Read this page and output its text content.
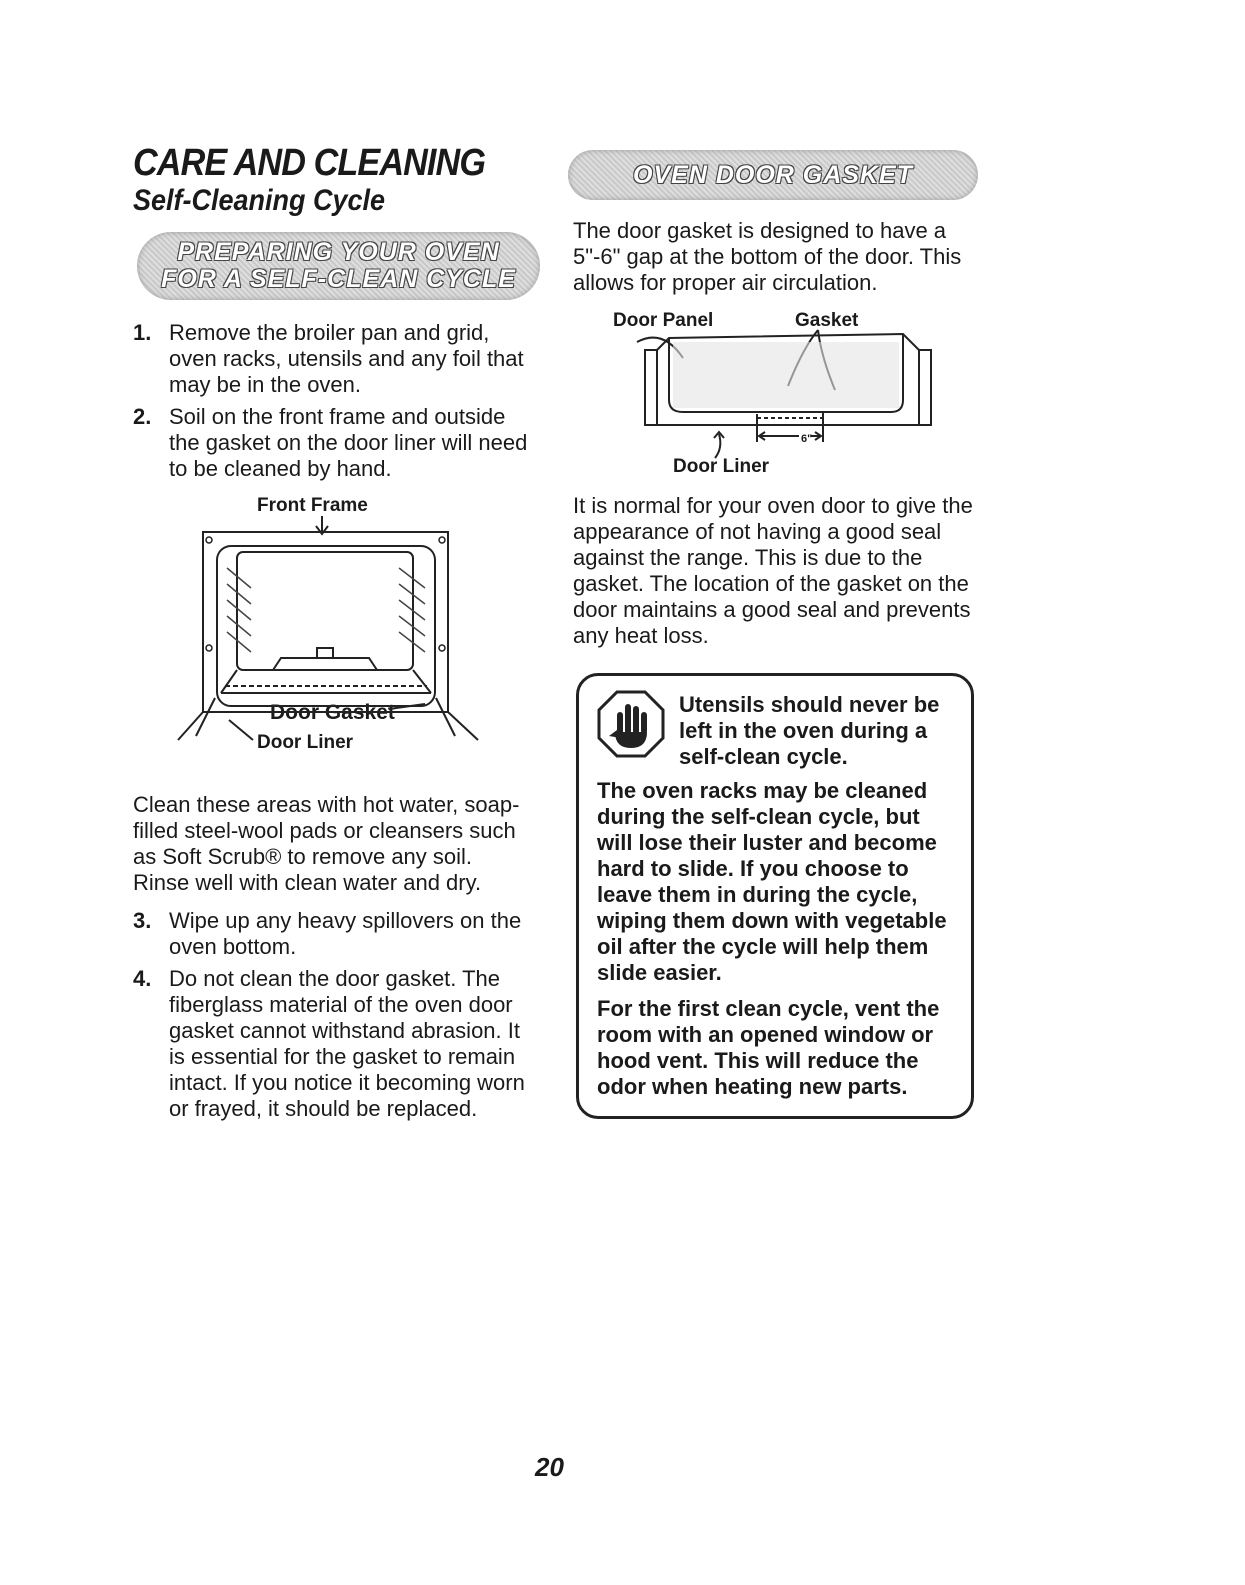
CARE AND CLEANING
Self-Cleaning Cycle
PREPARING YOUR OVEN
FOR A SELF-CLEAN CYCLE
1. Remove the broiler pan and grid, oven racks, utensils and any foil that may be in the oven.
2. Soil on the front frame and outside the gasket on the door liner will need to be cleaned by hand.
Front Frame
Door Gasket
Door Liner

Clean these areas with hot water, soap-filled steel-wool pads or cleansers such as Soft Scrub® to remove any soil. Rinse well with clean water and dry.

3. Wipe up any heavy spillovers on the oven bottom.
4. Do not clean the door gasket. The fiberglass material of the oven door gasket cannot withstand abrasion. It is essential for the gasket to remain intact. If you notice it becoming worn or frayed, it should be replaced.
OVEN DOOR GASKET

The door gasket is designed to have a 5"-6" gap at the bottom of the door. This allows for proper air circulation.

Door Panel	Gasket
Door Liner
6"

It is normal for your oven door to give the appearance of not having a good seal against the range. This is due to the gasket. The location of the gasket on the door maintains a good seal and prevents any heat loss.

Utensils should never be left in the oven during a self-clean cycle.

The oven racks may be cleaned during the self-clean cycle, but will lose their luster and become hard to slide. If you choose to leave them in during the cycle, wiping them down with vegetable oil after the cycle will help them slide easier.

For the first clean cycle, vent the room with an opened window or hood vent. This will reduce the odor when heating new parts.

20
